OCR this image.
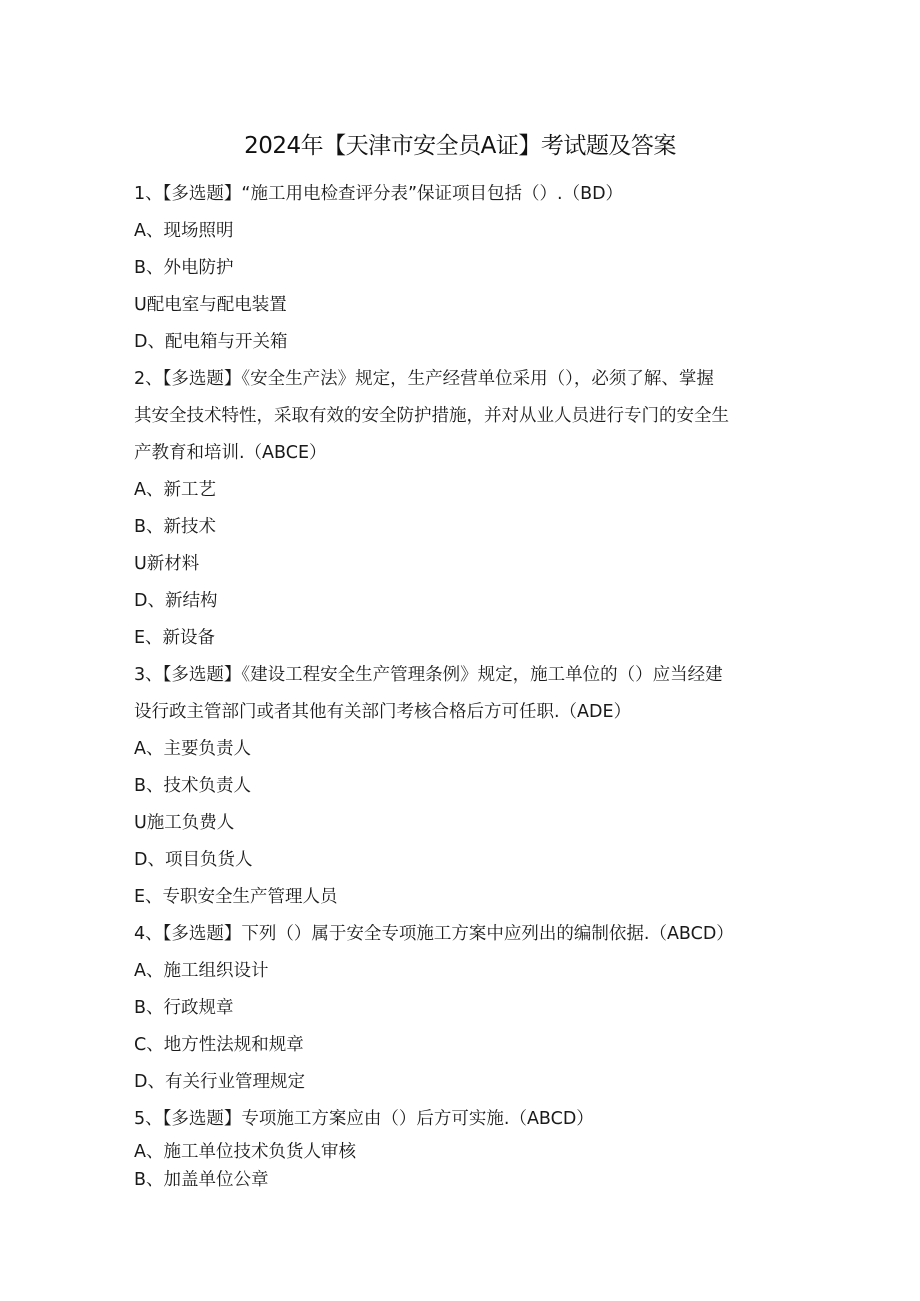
2024年【天津市安全员A证】考试题及答案
1、【多选题】“施工用电检查评分表”保证项目包括（）.（BD）
A、现场照明
B、外电防护
U配电室与配电装置
D、配电箱与开关箱
2、【多选题】《安全生产法》规定，生产经营单位采用（），必须了解、掌握
其安全技术特性，采取有效的安全防护措施，并对从业人员进行专门的安全生
产教育和培训.（ABCE）
A、新工艺
B、新技术
U新材料
D、新结构
E、新设备
3、【多选题】《建设工程安全生产管理条例》规定，施工单位的（）应当经建
设行政主管部门或者其他有关部门考核合格后方可任职.（ADE）
A、主要负责人
B、技术负责人
U施工负费人
D、项目负货人
E、专职安全生产管理人员
4、【多选题】下列（）属于安全专项施工方案中应列出的编制依据.（ABCD）
A、施工组织设计
B、行政规章
C、地方性法规和规章
D、有关行业管理规定
5、【多选题】专项施工方案应由（）后方可实施.（ABCD）
A、施工单位技术负货人审核
B、加盖单位公章
